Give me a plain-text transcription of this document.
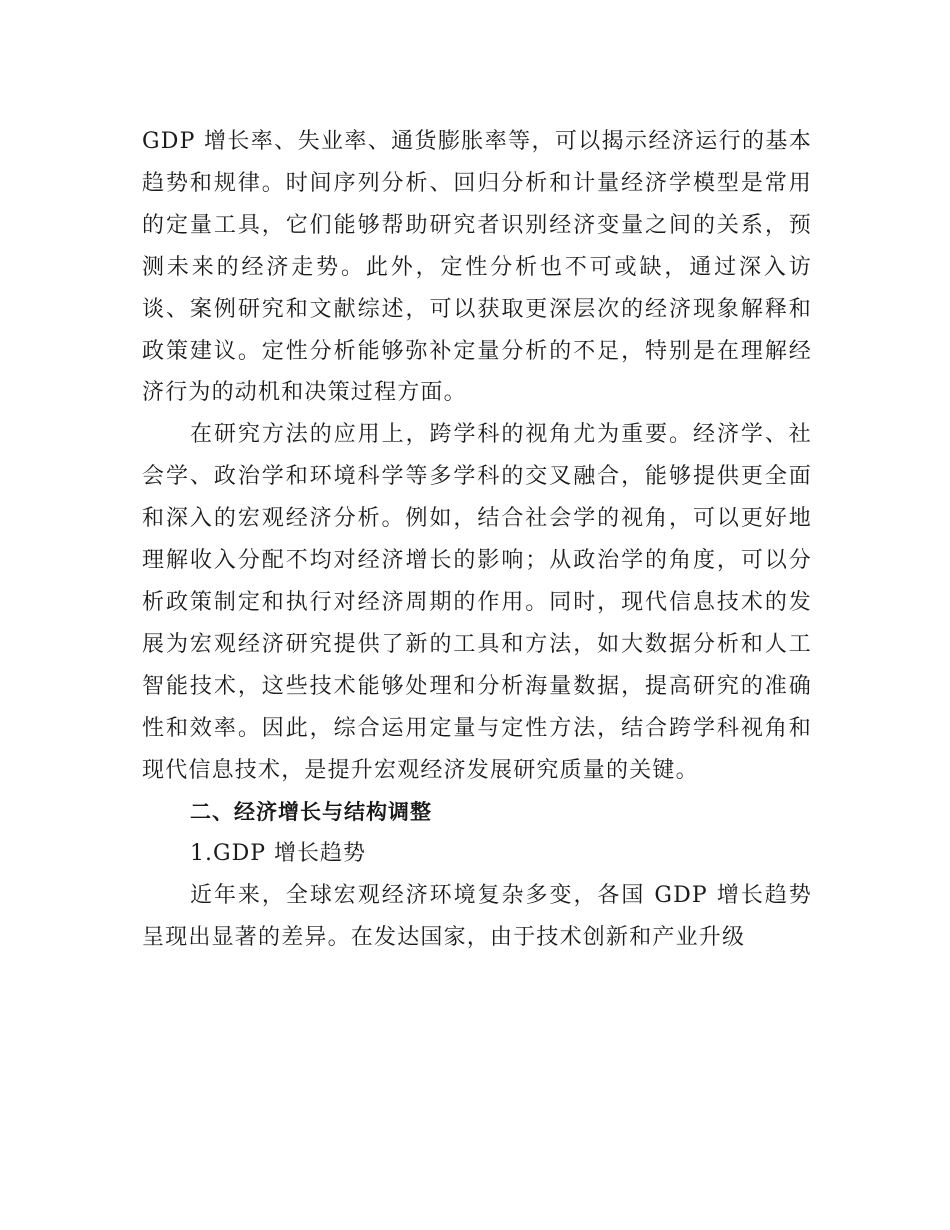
GDP 增长率、失业率、通货膨胀率等，可以揭示经济运行的基本趋势和规律。时间序列分析、回归分析和计量经济学模型是常用的定量工具，它们能够帮助研究者识别经济变量之间的关系，预测未来的经济走势。此外，定性分析也不可或缺，通过深入访谈、案例研究和文献综述，可以获取更深层次的经济现象解释和政策建议。定性分析能够弥补定量分析的不足，特别是在理解经济行为的动机和决策过程方面。

在研究方法的应用上，跨学科的视角尤为重要。经济学、社会学、政治学和环境科学等多学科的交叉融合，能够提供更全面和深入的宏观经济分析。例如，结合社会学的视角，可以更好地理解收入分配不均对经济增长的影响；从政治学的角度，可以分析政策制定和执行对经济周期的作用。同时，现代信息技术的发展为宏观经济研究提供了新的工具和方法，如大数据分析和人工智能技术，这些技术能够处理和分析海量数据，提高研究的准确性和效率。因此，综合运用定量与定性方法，结合跨学科视角和现代信息技术，是提升宏观经济发展研究质量的关键。

二、经济增长与结构调整

1.GDP 增长趋势

近年来，全球宏观经济环境复杂多变，各国 GDP 增长趋势呈现出显著的差异。在发达国家，由于技术创新和产业升级
